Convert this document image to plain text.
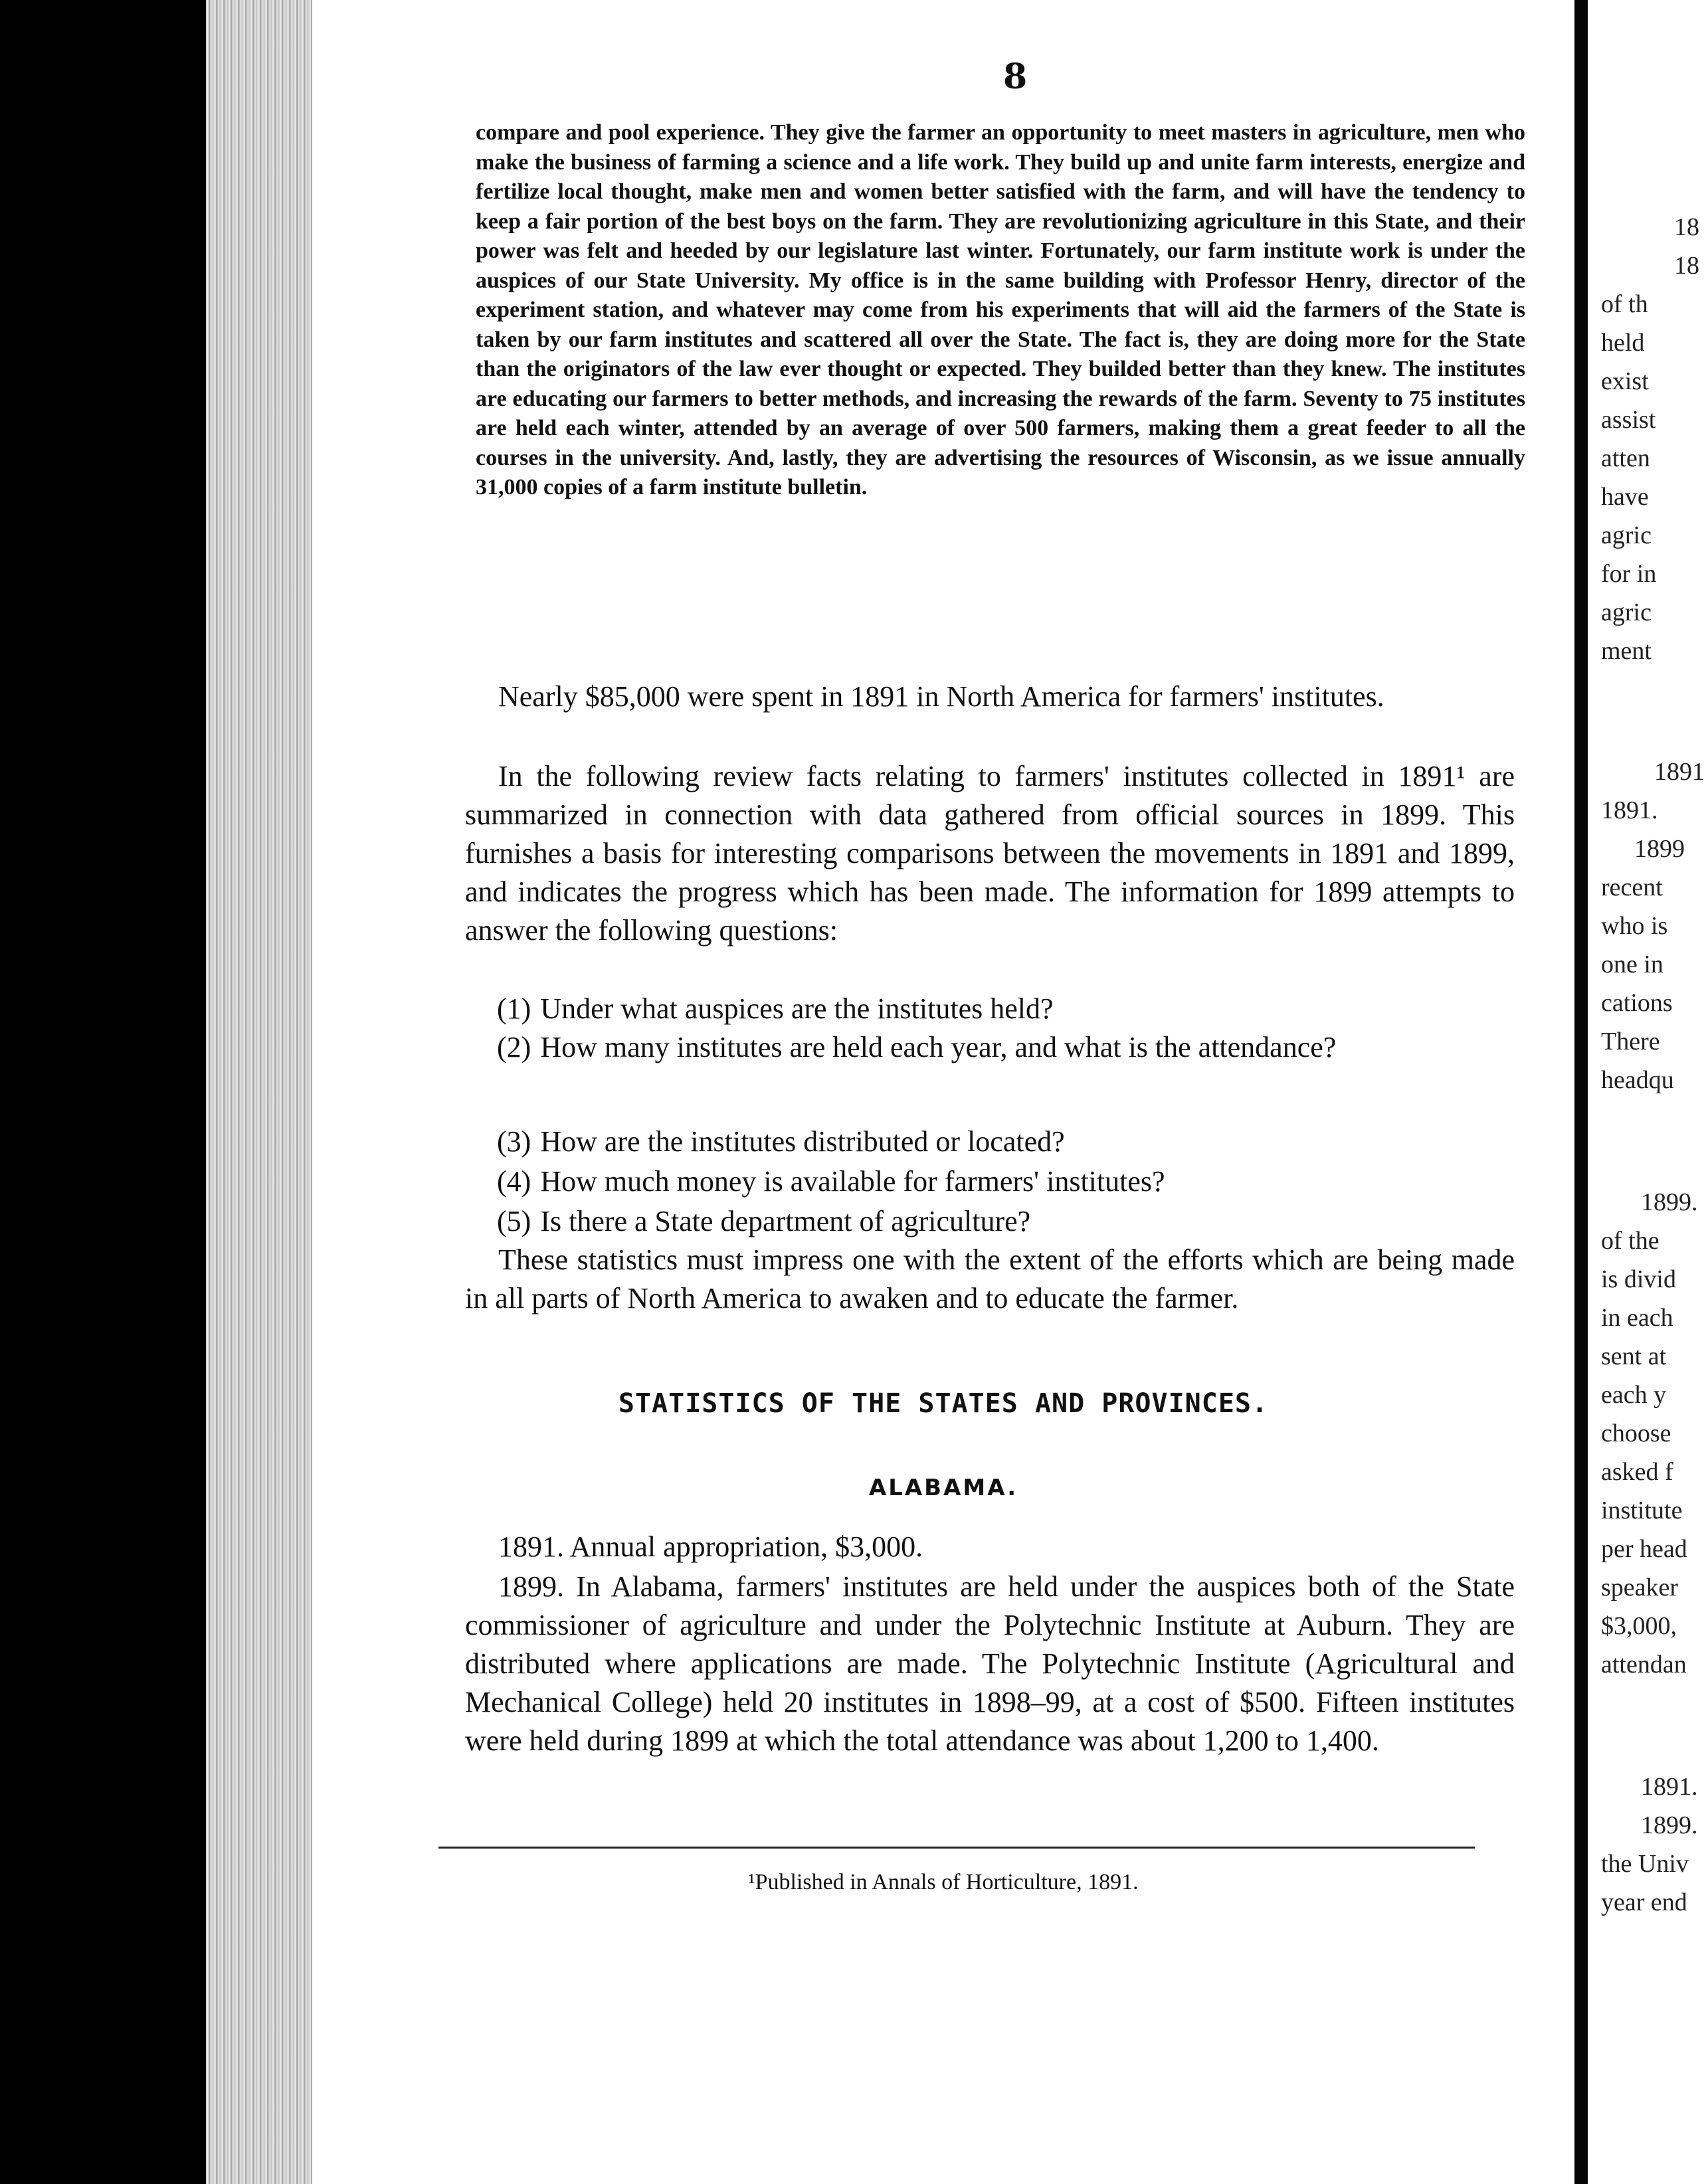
8
compare and pool experience. They give the farmer an opportunity to meet masters in agriculture, men who make the business of farming a science and a life work. They build up and unite farm interests, energize and fertilize local thought, make men and women better satisfied with the farm, and will have the tendency to keep a fair portion of the best boys on the farm. They are revolutionizing agriculture in this State, and their power was felt and heeded by our legislature last winter. Fortunately, our farm institute work is under the auspices of our State University. My office is in the same building with Professor Henry, director of the experiment station, and whatever may come from his experiments that will aid the farmers of the State is taken by our farm institutes and scattered all over the State. The fact is, they are doing more for the State than the originators of the law ever thought or expected. They builded better than they knew. The institutes are educating our farmers to better methods, and increasing the rewards of the farm. Seventy to 75 institutes are held each winter, attended by an average of over 500 farmers, making them a great feeder to all the courses in the university. And, lastly, they are advertising the resources of Wisconsin, as we issue annually 31,000 copies of a farm institute bulletin.
Nearly $85,000 were spent in 1891 in North America for farmers' institutes.
In the following review facts relating to farmers' institutes collected in 1891¹ are summarized in connection with data gathered from official sources in 1899. This furnishes a basis for interesting comparisons between the movements in 1891 and 1899, and indicates the progress which has been made. The information for 1899 attempts to answer the following questions:
(1) Under what auspices are the institutes held?
(2) How many institutes are held each year, and what is the attendance?
(3) How are the institutes distributed or located?
(4) How much money is available for farmers' institutes?
(5) Is there a State department of agriculture?
These statistics must impress one with the extent of the efforts which are being made in all parts of North America to awaken and to educate the farmer.
STATISTICS OF THE STATES AND PROVINCES.
ALABAMA.
1891. Annual appropriation, $3,000.
1899. In Alabama, farmers' institutes are held under the auspices both of the State commissioner of agriculture and under the Polytechnic Institute at Auburn. They are distributed where applications are made. The Polytechnic Institute (Agricultural and Mechanical College) held 20 institutes in 1898–99, at a cost of $500. Fifteen institutes were held during 1899 at which the total attendance was about 1,200 to 1,400.
¹Published in Annals of Horticulture, 1891.
18
18
of th
held
exist
assist
atten
have
agric
for in
agric
ment
1891
1891.
1899
recent
who is
one in
cations
There
headqu
1899.
of the
is divid
in each
sent at
each y
choose
asked f
institute
per head
speaker
$3,000,
attendan
1891.
1899.
the Univ
year end
